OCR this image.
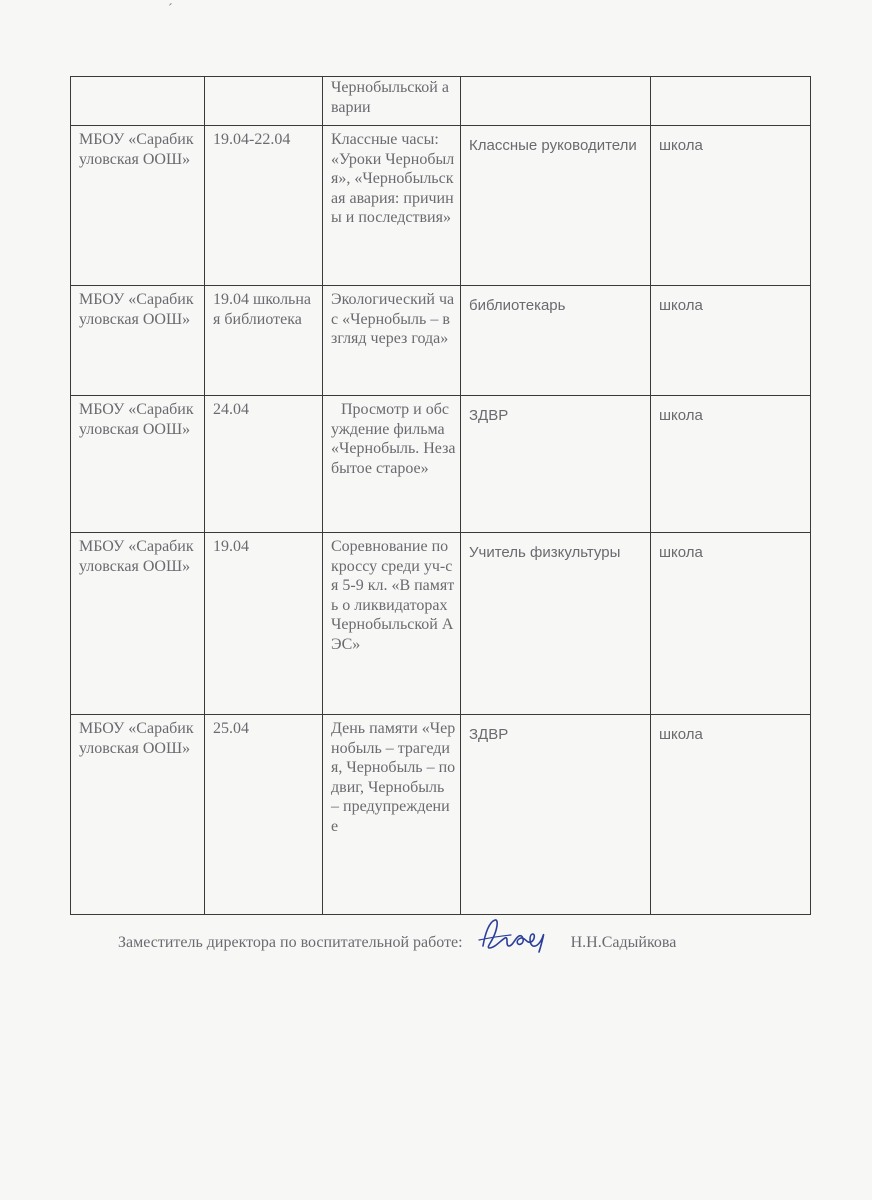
´
		Чернобыльской аварии		
МБОУ «Сарабикуловская ООШ»	19.04-22.04	Классные часы: «Уроки Чернобыля», «Чернобыльская авария: причины и последствия»	Классные руководители	школа
МБОУ «Сарабикуловская ООШ»	19.04 школьная библиотека	Экологический час «Чернобыль – взгляд через года»	библиотекарь	школа
МБОУ «Сарабикуловская ООШ»	24.04	Просмотр и обсуждение фильма «Чернобыль. Незабытое старое»	ЗДВР	школа
МБОУ «Сарабикуловская ООШ»	19.04	Соревнование по кроссу среди уч-ся 5-9 кл. «В память о ликвидаторах Чернобыльской АЭС»	Учитель физкультуры	школа
МБОУ «Сарабикуловская ООШ»	25.04	День памяти «Чернобыль – трагедия, Чернобыль – подвиг, Чернобыль – предупреждение	ЗДВР	школа
Заместитель директора по воспитательной работе:	Н.Н.Садыйкова
